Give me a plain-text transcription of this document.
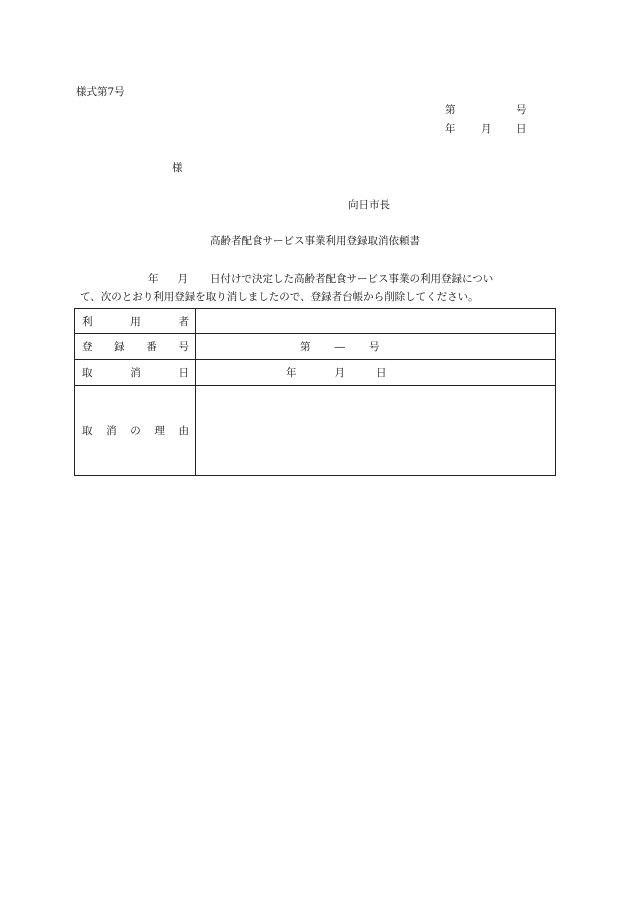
様式第7号
第	号
年 月 日
様
向日市長
高齢者配食サービス事業利用登録取消依頼書
年 月 日付けで決定した高齢者配食サービス事業の利用登録につい
て、次のとおり利用登録を取り消しましたので、登録者台帳から削除してください。
利 用 者	

登 録 番 号	第 ― 号

取 消 日	年 月 日

取 消 の 理 由	
